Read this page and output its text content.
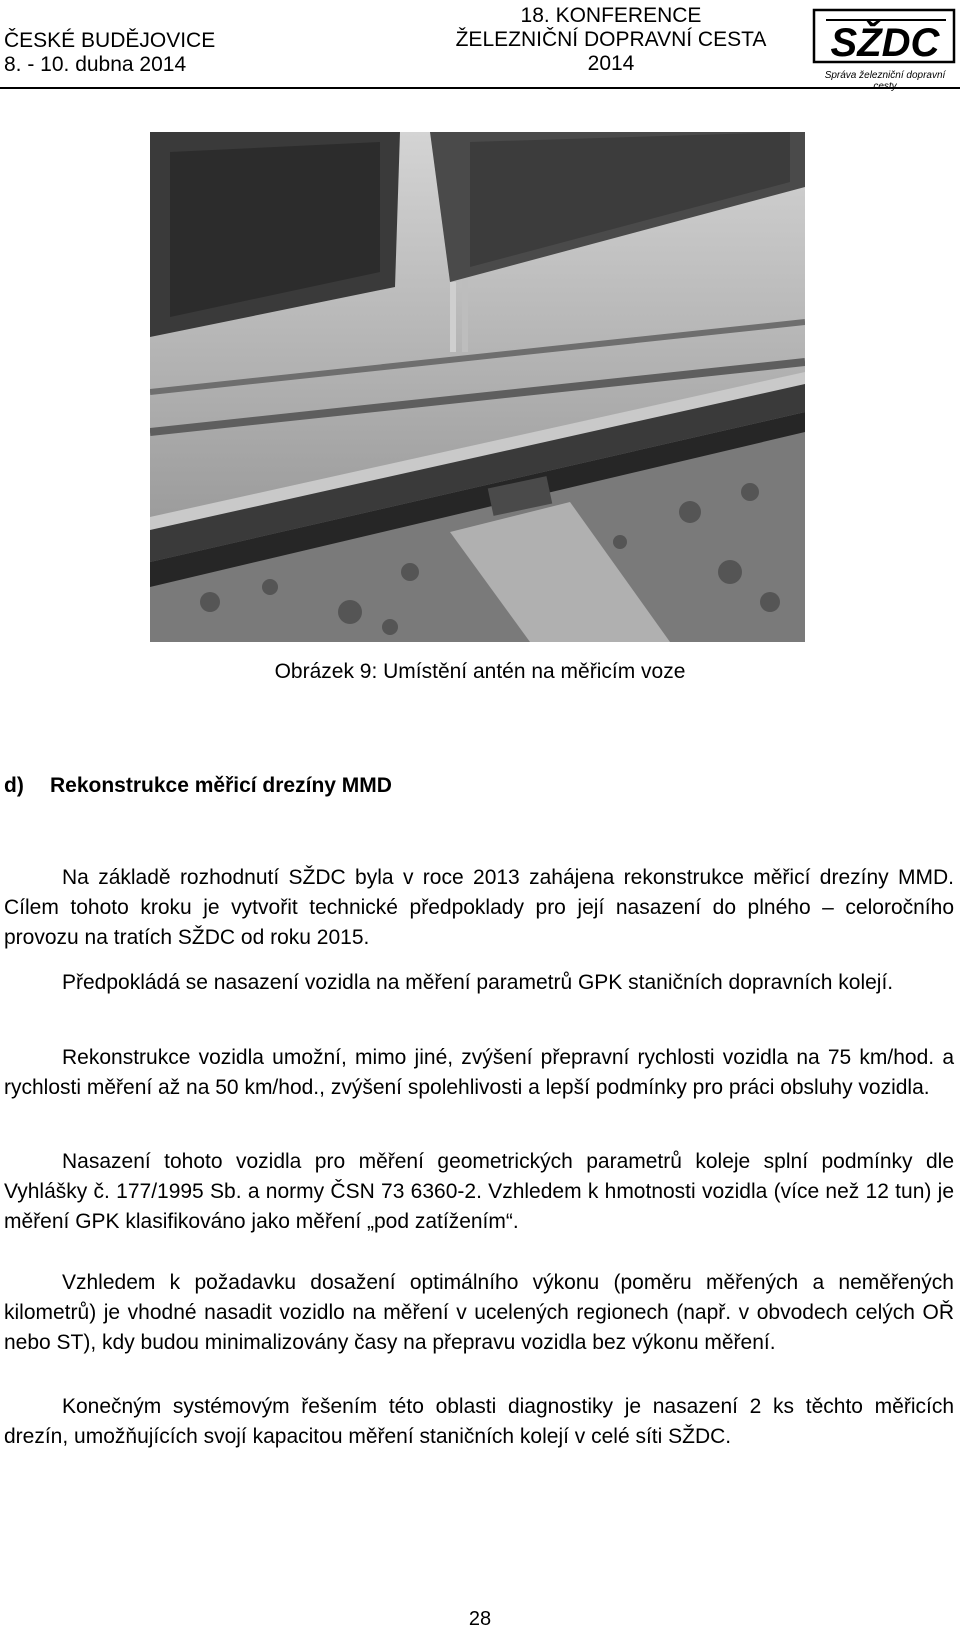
ČESKÉ BUDĚJOVICE
8. - 10. dubna 2014
18. KONFERENCE
ŽELEZNIČNÍ DOPRAVNÍ CESTA
2014	SŽDC
Správa železniční dopravní
Obrázek 9: Umístění antén na měřicím voze
d) Rekonstrukce měřicí drezíny MMD

Na základě rozhodnutí SŽDC byla v roce 2013 zahájena rekonstrukce měřicí drezíny MMD. Cílem tohoto kroku je vytvořit technické předpoklady pro její nasazení do plného – celoročního provozu na tratích SŽDC od roku 2015.

Předpokládá se nasazení vozidla na měření parametrů GPK staničních dopravních kolejí.

Rekonstrukce vozidla umožní, mimo jiné, zvýšení přepravní rychlosti vozidla na 75 km/hod. a rychlosti měření až na 50 km/hod., zvýšení spolehlivosti a lepší podmínky pro práci obsluhy vozidla.

Nasazení tohoto vozidla pro měření geometrických parametrů koleje splní podmínky dle Vyhlášky č. 177/1995 Sb. a normy ČSN 73 6360-2. Vzhledem k hmotnosti vozidla (více než 12 tun) je měření GPK klasifikováno jako měření „pod zatížením“.

Vzhledem k požadavku dosažení optimálního výkonu (poměru měřených a neměřených kilometrů) je vhodné nasadit vozidlo na měření v ucelených regionech (např. v obvodech celých OŘ nebo ST), kdy budou minimalizovány časy na přepravu vozidla bez výkonu měření.

Konečným systémovým řešením této oblasti diagnostiky je nasazení 2 ks těchto měřicích drezín, umožňujících svojí kapacitou měření staničních kolejí v celé síti SŽDC.

28
